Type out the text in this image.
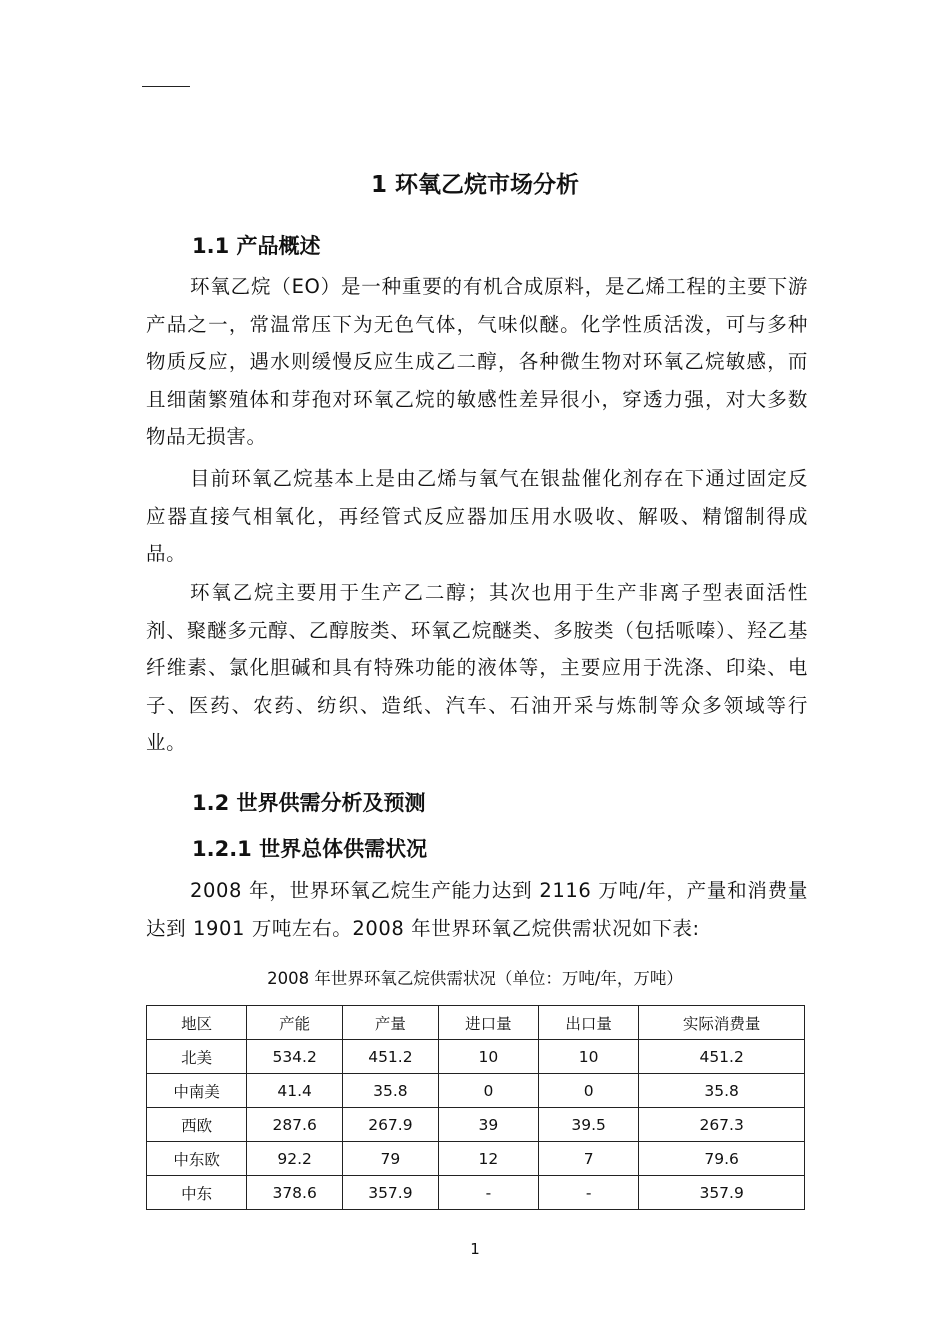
1 环氧乙烷市场分析
1.1 产品概述

环氧乙烷（EO）是一种重要的有机合成原料，是乙烯工程的主要下游产品之一，常温常压下为无色气体，气味似醚。化学性质活泼，可与多种物质反应，遇水则缓慢反应生成乙二醇，各种微生物对环氧乙烷敏感，而且细菌繁殖体和芽孢对环氧乙烷的敏感性差异很小，穿透力强，对大多数物品无损害。

目前环氧乙烷基本上是由乙烯与氧气在银盐催化剂存在下通过固定反应器直接气相氧化，再经管式反应器加压用水吸收、解吸、精馏制得成品。

环氧乙烷主要用于生产乙二醇；其次也用于生产非离子型表面活性剂、聚醚多元醇、乙醇胺类、环氧乙烷醚类、多胺类（包括哌嗪）、羟乙基纤维素、氯化胆碱和具有特殊功能的液体等，主要应用于洗涤、印染、电子、医药、农药、纺织、造纸、汽车、石油开采与炼制等众多领域等行业。

1.2 世界供需分析及预测
1.2.1 世界总体供需状况

2008 年，世界环氧乙烷生产能力达到 2116 万吨/年，产量和消费量达到 1901 万吨左右。2008 年世界环氧乙烷供需状况如下表:

2008 年世界环氧乙烷供需状况（单位：万吨/年，万吨）
地区	产能	产量	进口量	出口量	实际消费量
北美	534.2	451.2	10	10	451.2
中南美	41.4	35.8	0	0	35.8
西欧	287.6	267.9	39	39.5	267.3
中东欧	92.2	79	12	7	79.6
中东	378.6	357.9	-	-	357.9
1
